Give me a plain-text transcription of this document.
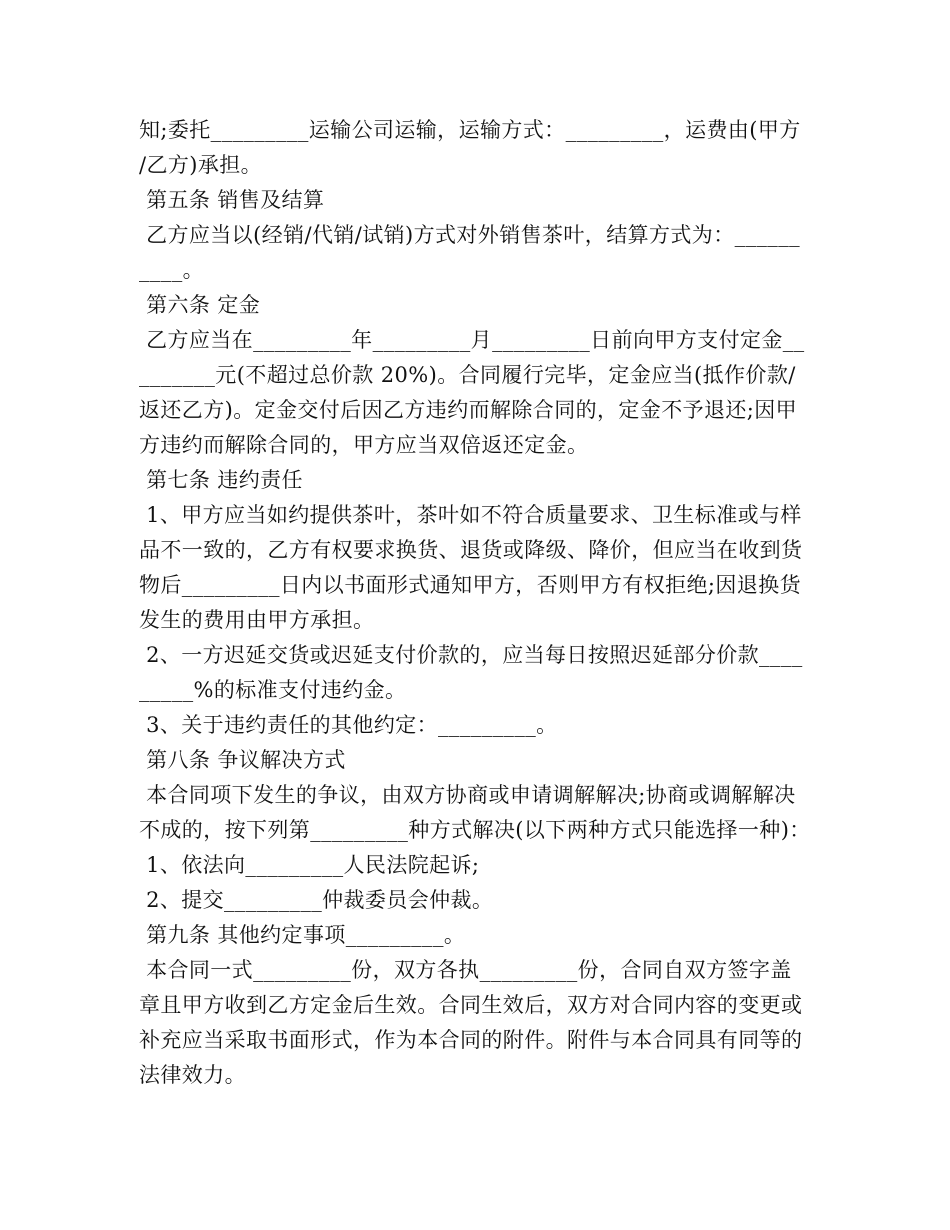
知;委托_________运输公司运输，运输方式：_________，运费由(甲方
/乙方)承担。
第五条 销售及结算
乙方应当以(经销/代销/试销)方式对外销售茶叶，结算方式为：______
____。
第六条 定金
乙方应当在_________年_________月_________日前向甲方支付定金__
_______元(不超过总价款 20%)。合同履行完毕，定金应当(抵作价款/
返还乙方)。定金交付后因乙方违约而解除合同的，定金不予退还;因甲
方违约而解除合同的，甲方应当双倍返还定金。
第七条 违约责任
1、甲方应当如约提供茶叶，茶叶如不符合质量要求、卫生标准或与样
品不一致的，乙方有权要求换货、退货或降级、降价，但应当在收到货
物后_________日内以书面形式通知甲方，否则甲方有权拒绝;因退换货
发生的费用由甲方承担。
2、一方迟延交货或迟延支付价款的，应当每日按照迟延部分价款____
_____%的标准支付违约金。
3、关于违约责任的其他约定：_________。
第八条 争议解决方式
本合同项下发生的争议，由双方协商或申请调解解决;协商或调解解决
不成的，按下列第_________种方式解决(以下两种方式只能选择一种)：
1、依法向_________人民法院起诉;
2、提交_________仲裁委员会仲裁。
第九条 其他约定事项_________。
本合同一式_________份，双方各执_________份，合同自双方签字盖
章且甲方收到乙方定金后生效。合同生效后，双方对合同内容的变更或
补充应当采取书面形式，作为本合同的附件。附件与本合同具有同等的
法律效力。
